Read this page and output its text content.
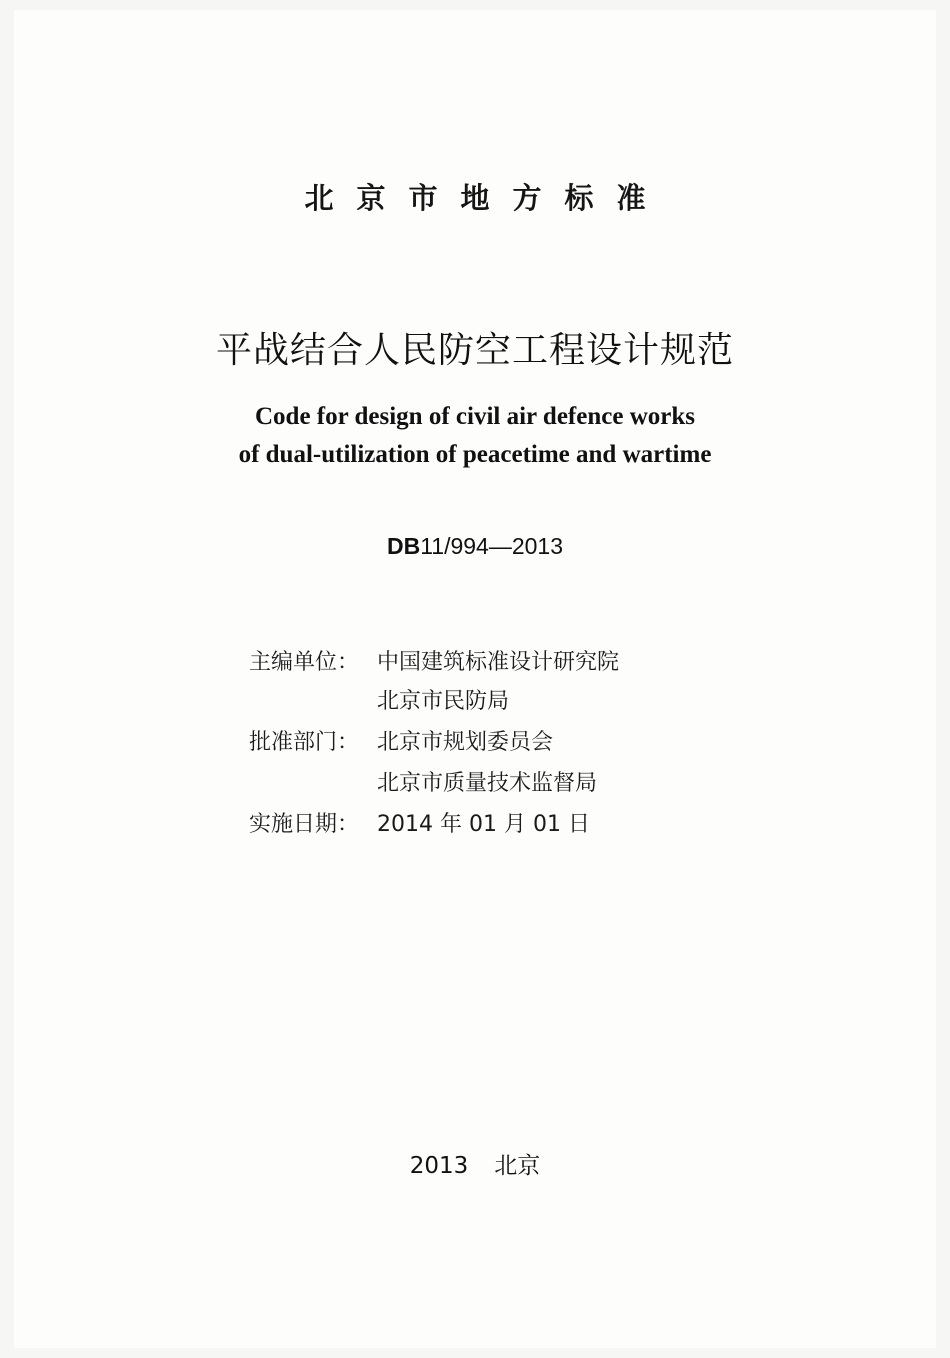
北京市地方标准
平战结合人民防空工程设计规范
Code for design of civil air defence works
of dual-utilization of peacetime and wartime
DB11/994—2013
主编单位： 中国建筑标准设计研究院
北京市民防局
批准部门： 北京市规划委员会
北京市质量技术监督局
实施日期： 2014 年 01 月 01 日
2013 北京
